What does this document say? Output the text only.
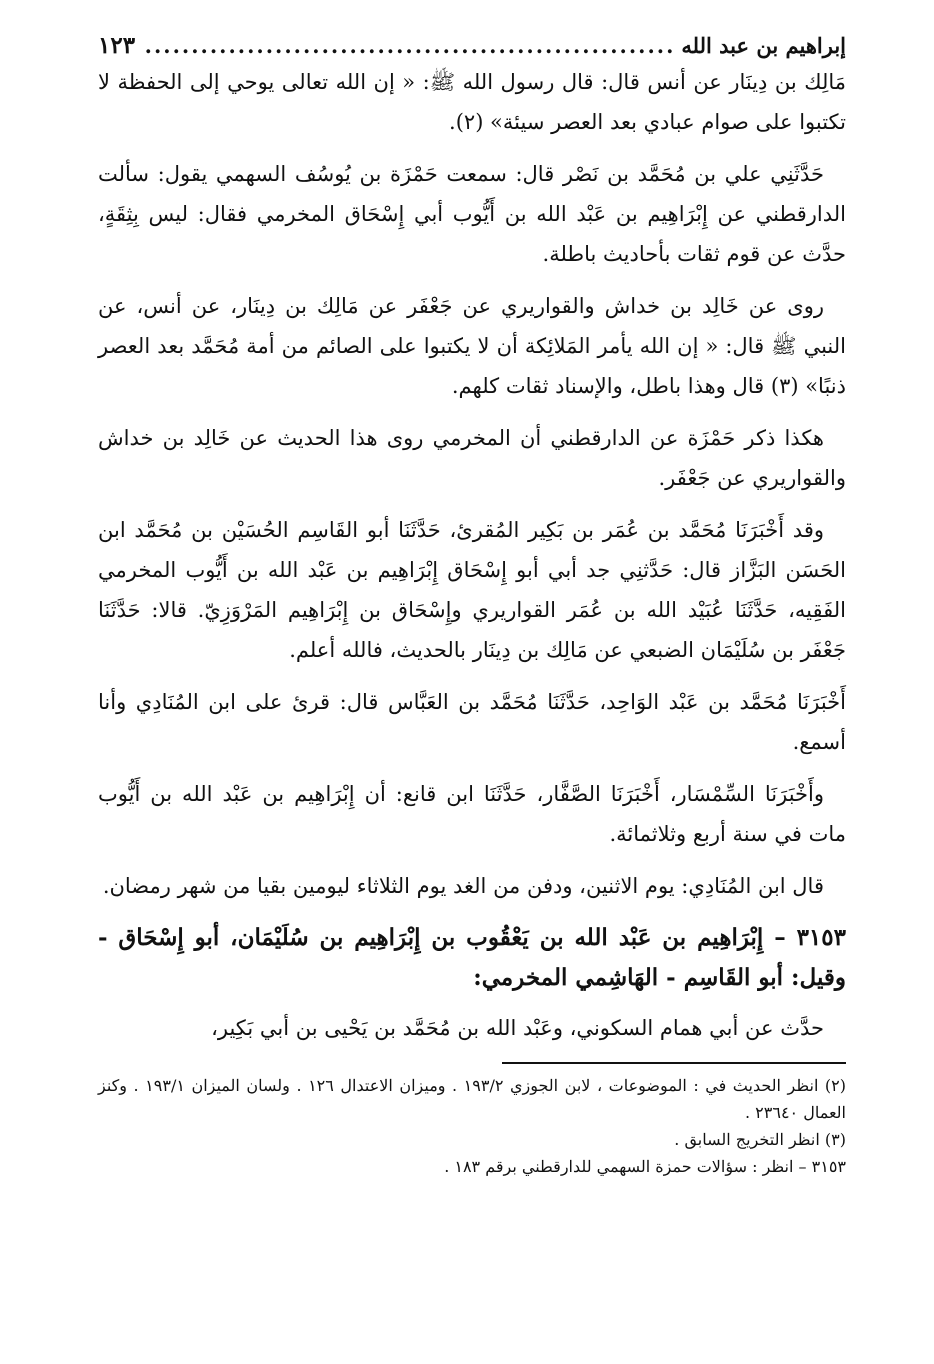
إبراهيم بن عبد الله
.....
١٢٣

مَالِك بن دِينَار عن أنس قال: قال رسول الله ﷺ: « إن الله تعالى يوحي إلى الحفظة لا تكتبوا على صوام عبادي بعد العصر سيئة» (٢).

حَدَّثَنِي علي بن مُحَمَّد بن نَصْر قال: سمعت حَمْزَة بن يُوسُف السهمي يقول: سألت الدارقطني عن إِبْرَاهِيم بن عَبْد الله بن أَيُّوب أبي إِسْحَاق المخرمي فقال: ليس بِثِقَةٍ، حدَّث عن قوم ثقات بأحاديث باطلة.

روى عن خَالِد بن خداش والقواريري عن جَعْفَر عن مَالِك بن دِينَار، عن أنس، عن النبي ﷺ قال: « إن الله يأمر المَلائِكة أن لا يكتبوا على الصائم من أمة مُحَمَّد بعد العصر ذنبًا» (٣) قال وهذا باطل، والإسناد ثقات كلهم.

هكذا ذكر حَمْزَة عن الدارقطني أن المخرمي روى هذا الحديث عن خَالِد بن خداش والقواريري عن جَعْفَر.

وقد أَخْبَرَنَا مُحَمَّد بن عُمَر بن بَكِير المُقرئ، حَدَّثَنَا أبو القَاسِم الحُسَيْن بن مُحَمَّد ابن الحَسَن البَزَّاز قال: حَدَّثنِي جد أبي أبو إِسْحَاق إِبْرَاهِيم بن عَبْد الله بن أَيُّوب المخرمي الفَقِيه، حَدَّثَنَا عُبَيْد الله بن عُمَر القواريري وإِسْحَاق بن إِبْرَاهِيم المَرْوَزِيّ. قالا: حَدَّثَنَا جَعْفَر بن سُلَيْمَان الضبعي عن مَالِك بن دِينَار بالحديث، فالله أعلم.

أَخْبَرَنَا مُحَمَّد بن عَبْد الوَاحِد، حَدَّثَنَا مُحَمَّد بن العَبَّاس قال: قرئ على ابن المُنَادِي وأنا أسمع.

وأَخْبَرَنَا السِّمْسَار، أَخْبَرَنَا الصَّفَّار، حَدَّثَنَا ابن قانع: أن إِبْرَاهِيم بن عَبْد الله بن أَيُّوب مات في سنة أربع وثلاثمائة.

قال ابن المُنَادِي: يوم الاثنين، ودفن من الغد يوم الثلاثاء ليومين بقيا من شهر رمضان.

٣١٥٣ – إِبْرَاهِيم بن عَبْد الله بن يَعْقُوب بن إِبْرَاهِيم بن سُلَيْمَان، أبو إِسْحَاق - وقيل: أبو القَاسِم - الهَاشِمي المخرمي:

حدَّث عن أبي همام السكوني، وعَبْد الله بن مُحَمَّد بن يَحْيى بن أبي بَكِير،

(٢) انظر الحديث في : الموضوعات ، لابن الجوزي ١٩٣/٢ . وميزان الاعتدال ١٢٦ . ولسان الميزان ١٩٣/١ . وكنز العمال ٢٣٦٤٠ .

(٣) انظر التخريج السابق .

٣١٥٣ – انظر : سؤالات حمزة السهمي للدارقطني برقم ١٨٣ .
